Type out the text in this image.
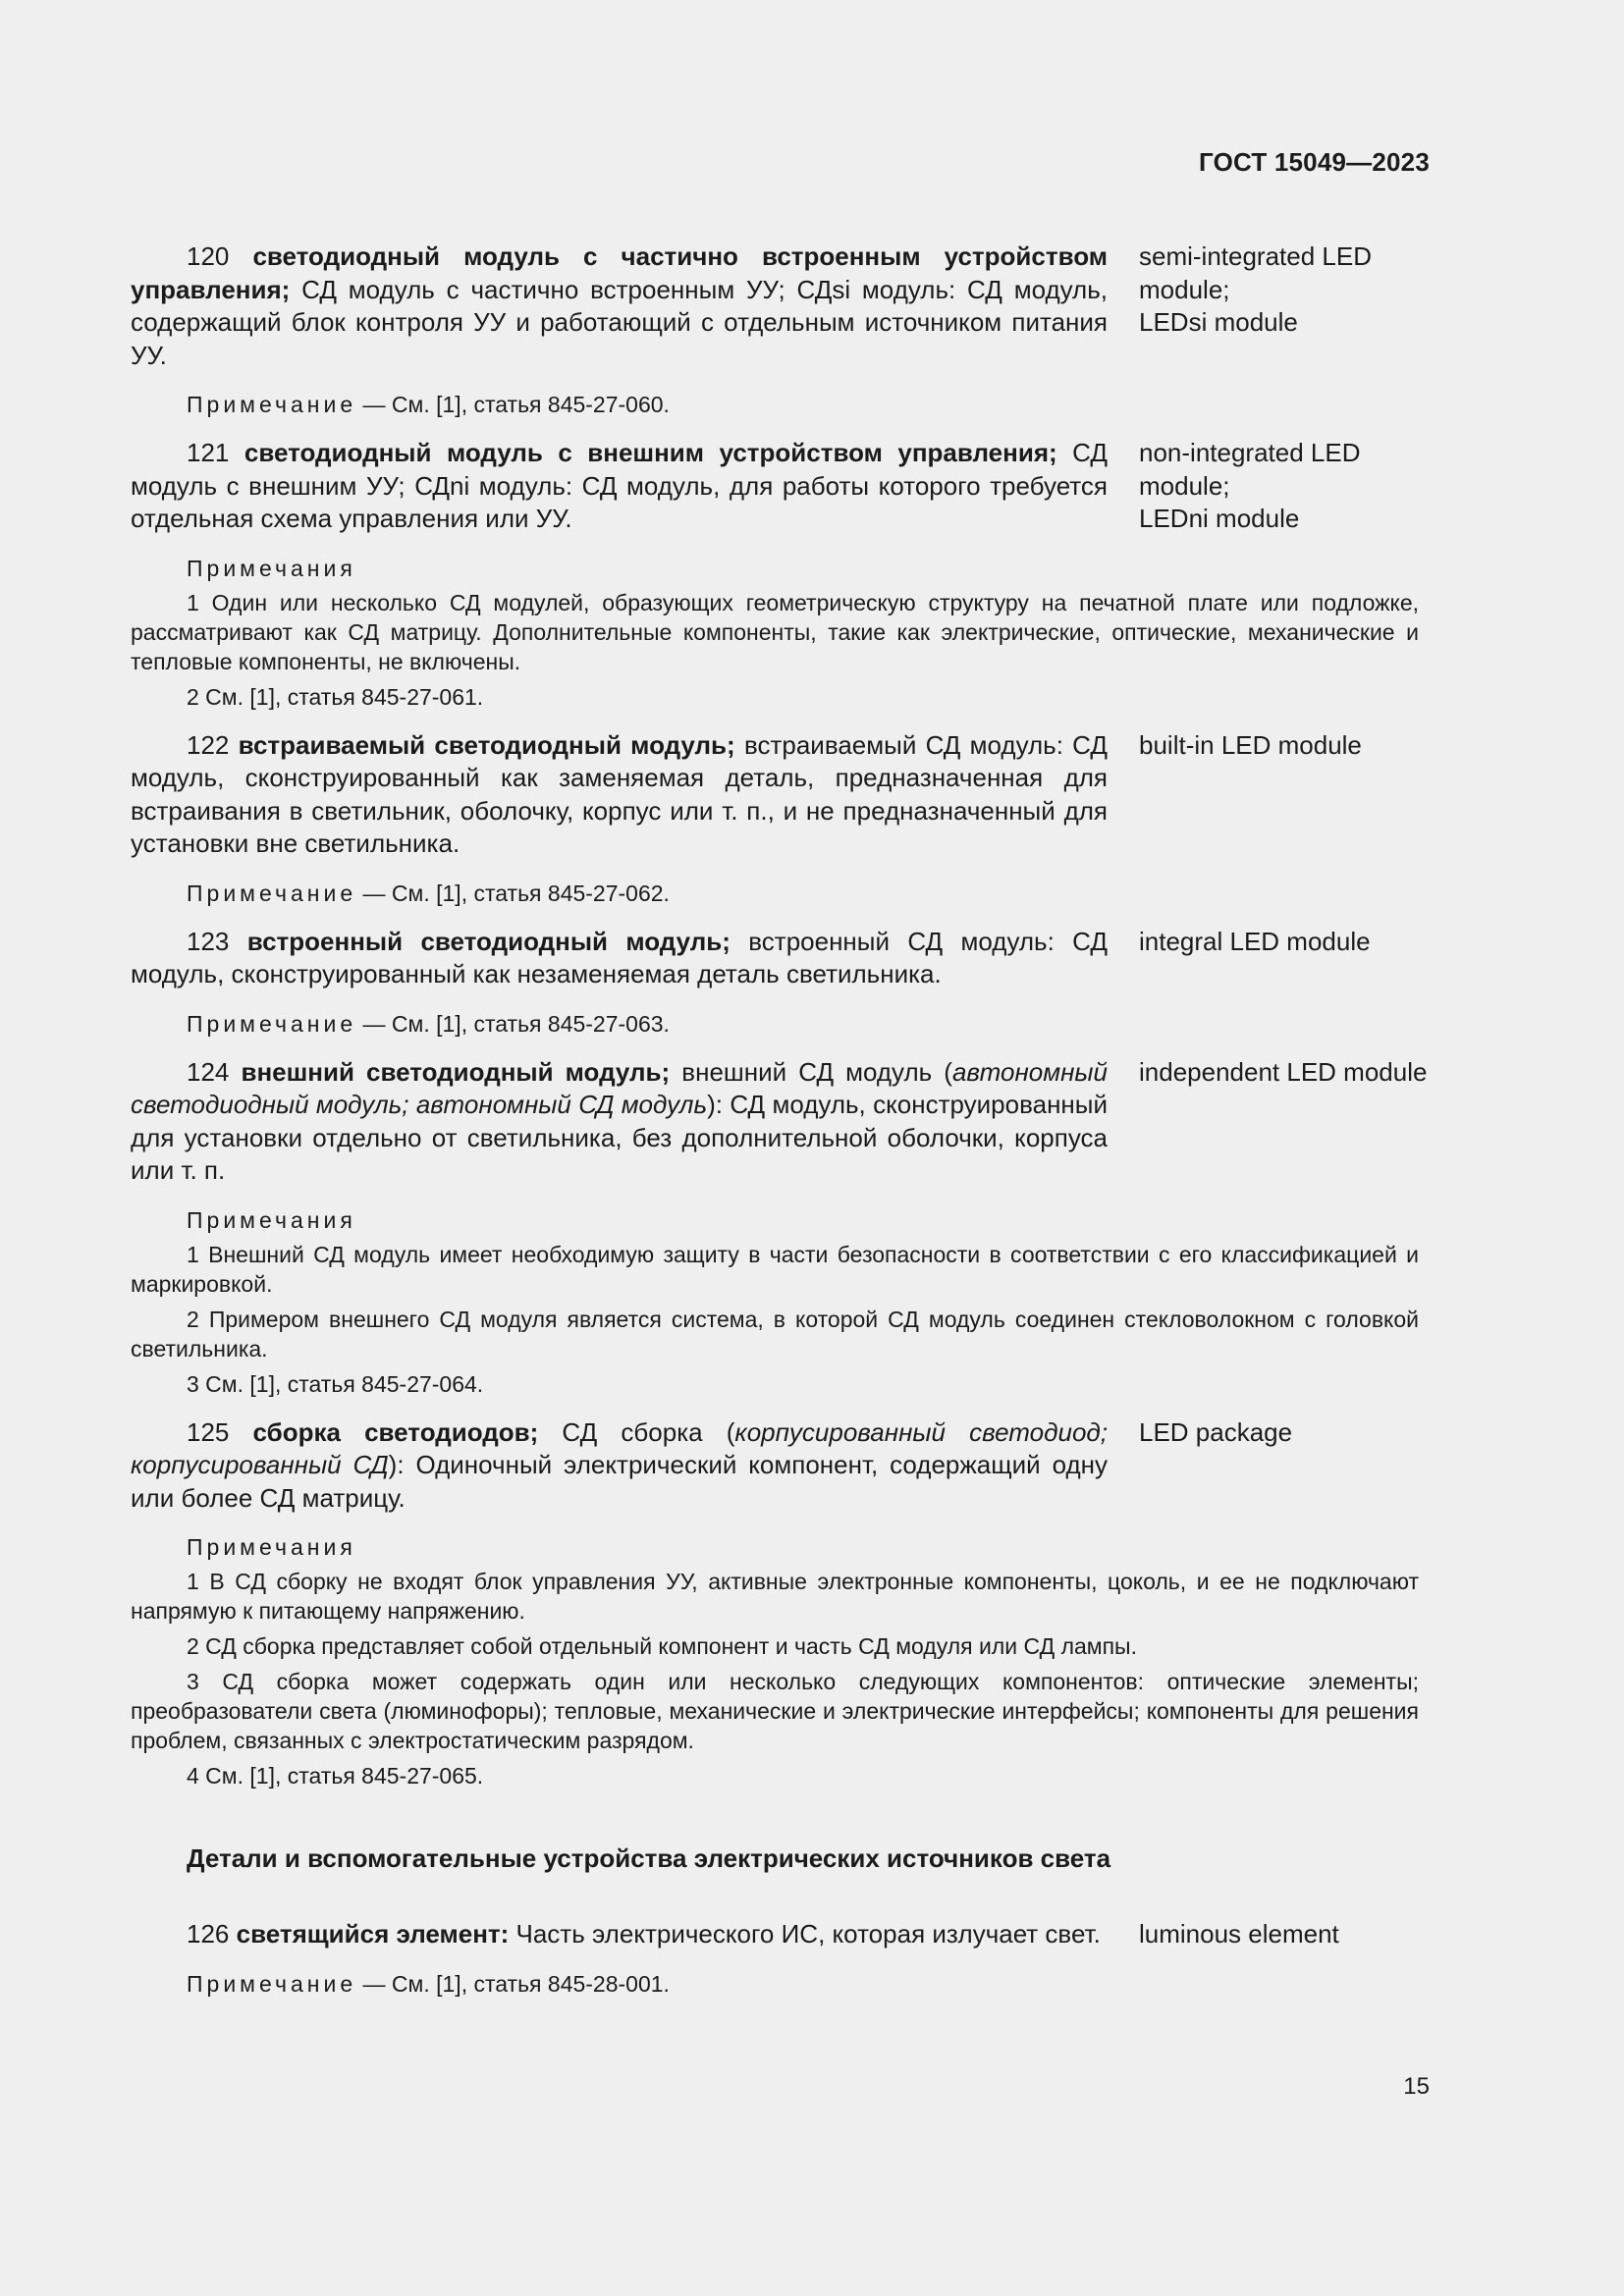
ГОСТ 15049—2023
120 светодиодный модуль с частично встроенным устройством управления; СД модуль с частично встроенным УУ; СДsi модуль: СД модуль, содержащий блок контроля УУ и работающий с отдельным источником питания УУ.
semi-integrated LED module;
LEDsi module
Примечание — См. [1], статья 845-27-060.
121 светодиодный модуль с внешним устройством управления; СД модуль с внешним УУ; СДni модуль: СД модуль, для работы которого требуется отдельная схема управления или УУ.
non-integrated LED module;
LEDni module
Примечания
1 Один или несколько СД модулей, образующих геометрическую структуру на печатной плате или подложке, рассматривают как СД матрицу. Дополнительные компоненты, такие как электрические, оптические, механические и тепловые компоненты, не включены.
2 См. [1], статья 845-27-061.
122 встраиваемый светодиодный модуль; встраиваемый СД модуль: СД модуль, сконструированный как заменяемая деталь, предназначенная для встраивания в светильник, оболочку, корпус или т. п., и не предназначенный для установки вне светильника.
built-in LED module
Примечание — См. [1], статья 845-27-062.
123 встроенный светодиодный модуль; встроенный СД модуль: СД модуль, сконструированный как незаменяемая деталь светильника.
integral LED module
Примечание — См. [1], статья 845-27-063.
124 внешний светодиодный модуль; внешний СД модуль (автономный светодиодный модуль; автономный СД модуль): СД модуль, сконструированный для установки отдельно от светильника, без дополнительной оболочки, корпуса или т. п.
independent LED module
Примечания
1 Внешний СД модуль имеет необходимую защиту в части безопасности в соответствии с его классификацией и маркировкой.
2 Примером внешнего СД модуля является система, в которой СД модуль соединен стекловолокном с головкой светильника.
3 См. [1], статья 845-27-064.
125 сборка светодиодов; СД сборка (корпусированный светодиод; корпусированный СД): Одиночный электрический компонент, содержащий одну или более СД матрицу.
LED package
Примечания
1 В СД сборку не входят блок управления УУ, активные электронные компоненты, цоколь, и ее не подключают напрямую к питающему напряжению.
2 СД сборка представляет собой отдельный компонент и часть СД модуля или СД лампы.
3 СД сборка может содержать один или несколько следующих компонентов: оптические элементы; преобразователи света (люминофоры); тепловые, механические и электрические интерфейсы; компоненты для решения проблем, связанных с электростатическим разрядом.
4 См. [1], статья 845-27-065.
Детали и вспомогательные устройства электрических источников света
126 светящийся элемент: Часть электрического ИС, которая излучает свет. luminous element
Примечание — См. [1], статья 845-28-001.
15
